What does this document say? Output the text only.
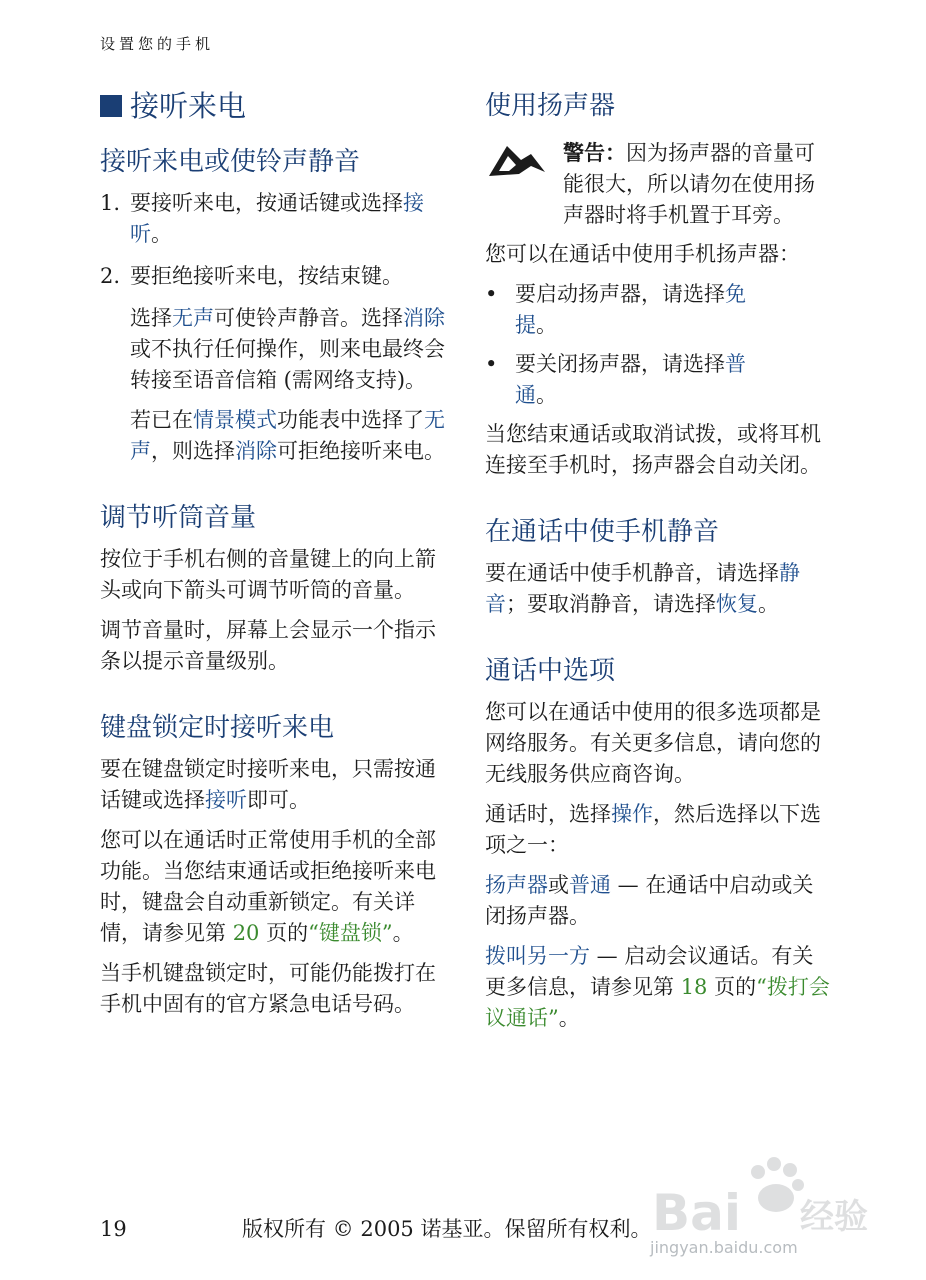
设置您的手机
接听来电
接听来电或使铃声静音
1. 要接听来电，按通话键或选择接听。
2. 要拒绝接听来电，按结束键。

选择无声可使铃声静音。选择消除或不执行任何操作，则来电最终会转接至语音信箱 (需网络支持)。

若已在情景模式功能表中选择了无声，则选择消除可拒绝接听来电。

调节听筒音量

按位于手机右侧的音量键上的向上箭头或向下箭头可调节听筒的音量。

调节音量时，屏幕上会显示一个指示条以提示音量级别。

键盘锁定时接听来电

要在键盘锁定时接听来电，只需按通话键或选择接听即可。

您可以在通话时正常使用手机的全部功能。当您结束通话或拒绝接听来电时，键盘会自动重新锁定。有关详情，请参见第 20 页的“键盘锁”。

当手机键盘锁定时，可能仍能拨打在手机中固有的官方紧急电话号码。

使用扬声器
警告：因为扬声器的音量可能很大，所以请勿在使用扬声器时将手机置于耳旁。

您可以在通话中使用手机扬声器：

• 要启动扬声器，请选择免提。
• 要关闭扬声器，请选择普通。

当您结束通话或取消试拨，或将耳机连接至手机时，扬声器会自动关闭。

在通话中使手机静音

要在通话中使手机静音，请选择静音；要取消静音，请选择恢复。

通话中选项

您可以在通话中使用的很多选项都是网络服务。有关更多信息，请向您的无线服务供应商咨询。

通话时，选择操作，然后选择以下选项之一：

扬声器或普通 — 在通话中启动或关闭扬声器。

拨叫另一方 — 启动会议通话。有关更多信息，请参见第 18 页的“拨打会议通话”。

19	版权所有 © 2005 诺基亚。保留所有权利。 Bai 经验
jingyan.baidu.com
